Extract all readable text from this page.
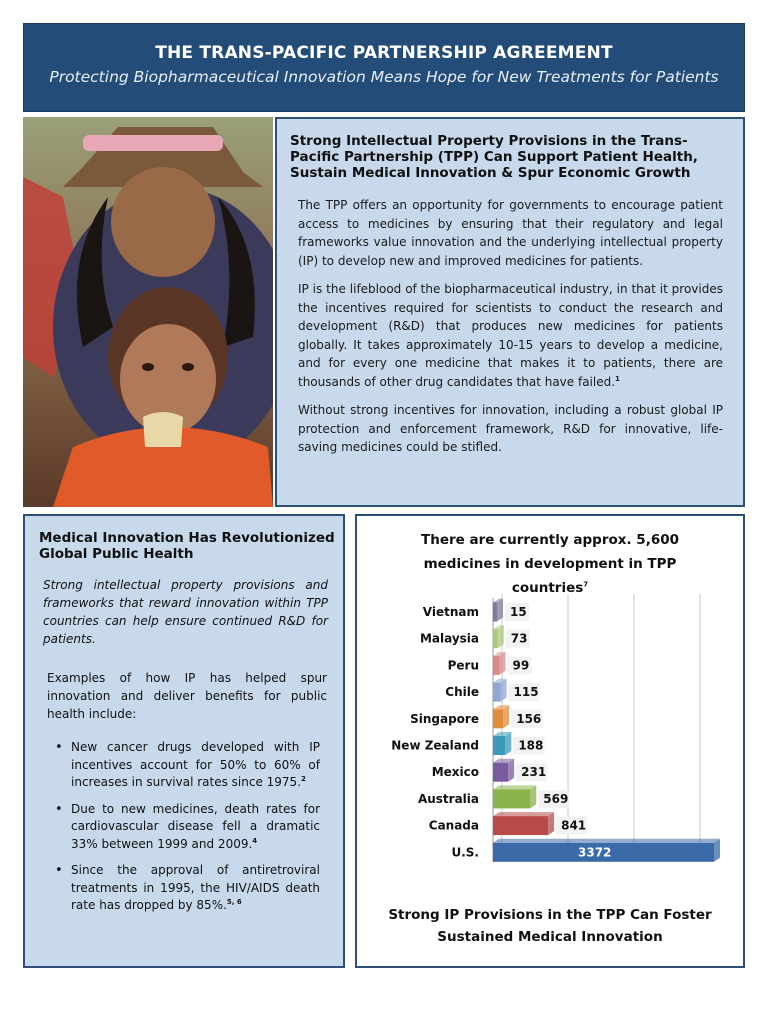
THE TRANS-PACIFIC PARTNERSHIP AGREEMENT
Protecting Biopharmaceutical Innovation Means Hope for New Treatments for Patients
Strong Intellectual Property Provisions in the Trans-Pacific Partnership (TPP) Can Support Patient Health, Sustain Medical Innovation & Spur Economic Growth

The TPP offers an opportunity for governments to encourage patient access to medicines by ensuring that their regulatory and legal frameworks value innovation and the underlying intellectual property (IP) to develop new and improved medicines for patients.

IP is the lifeblood of the biopharmaceutical industry, in that it provides the incentives required for scientists to conduct the research and development (R&D) that produces new medicines for patients globally. It takes approximately 10-15 years to develop a medicine, and for every one medicine that makes it to patients, there are thousands of other drug candidates that have failed.$^1$

Without strong incentives for innovation, including a robust global IP protection and enforcement framework, R&D for innovative, life-saving medicines could be stifled.

Medical Innovation Has Revolutionized Global Public Health
Strong intellectual property provisions and frameworks that reward innovation within TPP countries can help ensure continued R&D for patients.
Examples of how IP has helped spur innovation and deliver benefits for public health include:
• New cancer drugs developed with IP incentives account for 50% to 60% of increases in survival rates since 1975.$^2$
• Due to new medicines, death rates for cardiovascular disease fell a dramatic 33% between 1999 and 2009.$^4$
• Since the approval of antiretroviral treatments in 1995, the HIV/AIDS death rate has dropped by 85%.$^{5, 6}$
Vietnam	15
Malaysia	73
Peru	99
Chile	115
Singapore	156
New Zealand	188
Mexico	231
Australia	569
Canada	841
U.S.	3372
There are currently approx. 5,600 medicines in development in TPP countries$^7$
Strong IP Provisions in the TPP Can Foster Sustained Medical Innovation
